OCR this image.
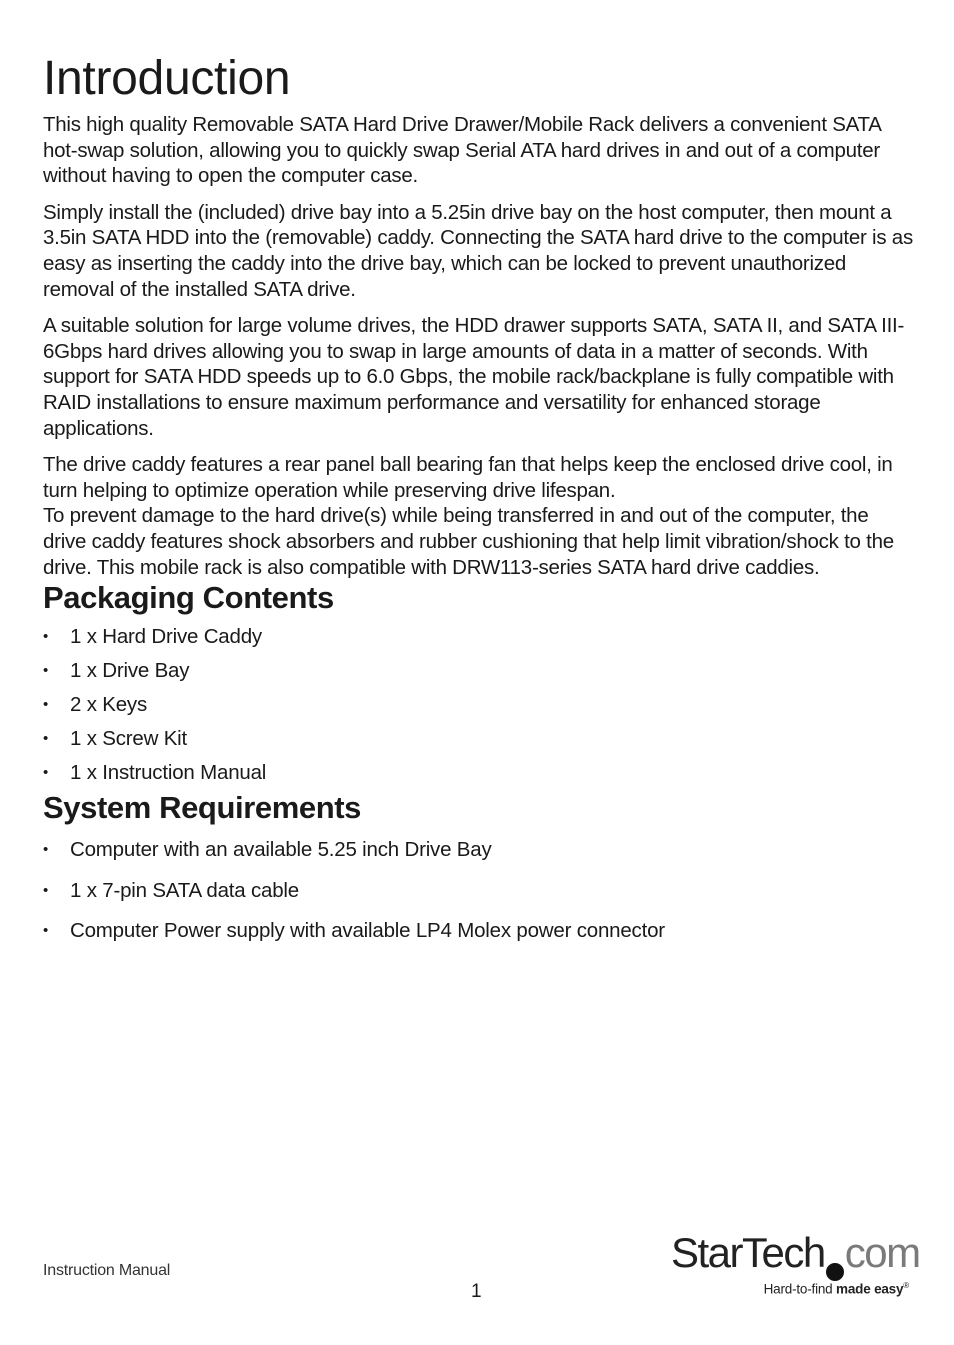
Introduction

This high quality Removable SATA Hard Drive Drawer/Mobile Rack delivers a convenient SATA hot-swap solution, allowing you to quickly swap Serial ATA hard drives in and out of a computer without having to open the computer case.

Simply install the (included) drive bay into a 5.25in drive bay on the host computer, then mount a 3.5in SATA HDD into the (removable) caddy. Connecting the SATA hard drive to the computer is as easy as inserting the caddy into the drive bay, which can be locked to prevent unauthorized removal of the installed SATA drive.

A suitable solution for large volume drives, the HDD drawer supports SATA, SATA II, and SATA III-6Gbps hard drives allowing you to swap in large amounts of data in a matter of seconds. With support for SATA HDD speeds up to 6.0 Gbps, the mobile rack/backplane is fully compatible with RAID installations to ensure maximum performance and versatility for enhanced storage applications.

The drive caddy features a rear panel ball bearing fan that helps keep the enclosed drive cool, in turn helping to optimize operation while preserving drive lifespan.

To prevent damage to the hard drive(s) while being transferred in and out of the computer, the drive caddy features shock absorbers and rubber cushioning that help limit vibration/shock to the drive. This mobile rack is also compatible with DRW113-series SATA hard drive caddies.

Packaging Contents
• 1 x Hard Drive Caddy
• 1 x Drive Bay
• 2 x Keys
• 1 x Screw Kit
• 1 x Instruction Manual
System Requirements
• Computer with an available 5.25 inch Drive Bay
• 1 x 7-pin SATA data cable
• Computer Power supply with available LP4 Molex power connector
Instruction Manual
1
StarTech com
Hard-to-find made easy®
